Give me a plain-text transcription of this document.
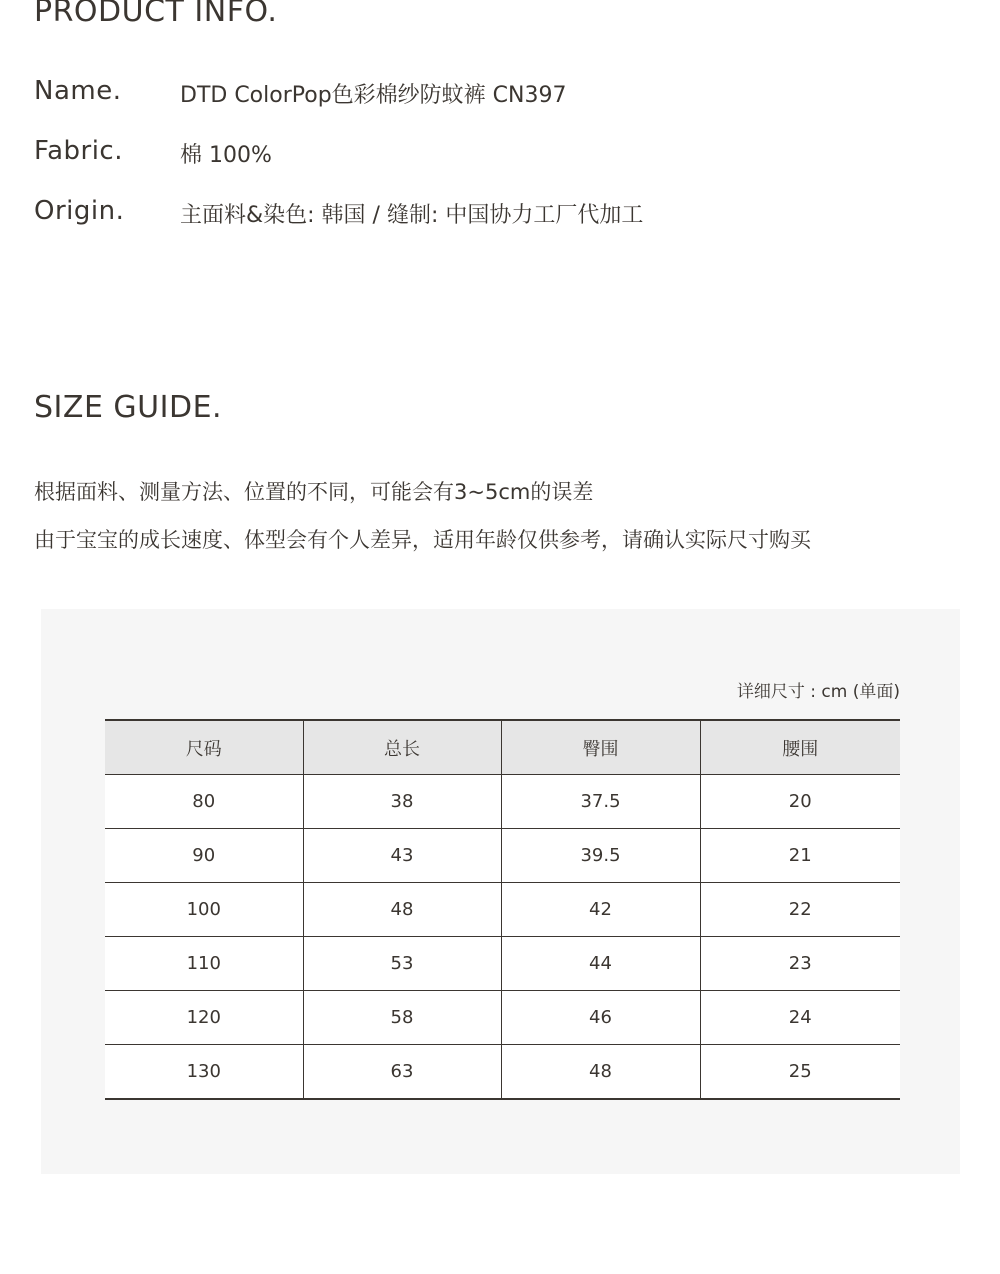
PRODUCT INFO.
Name.	DTD ColorPop色彩棉纱防蚊裤 CN397
Fabric.	棉 100%
Origin.	主面料&染色: 韩国 / 缝制: 中国协力工厂代加工
SIZE GUIDE.
根据面料、测量方法、位置的不同，可能会有3~5cm的误差
由于宝宝的成长速度、体型会有个人差异，适用年龄仅供参考，请确认实际尺寸购买
详细尺寸 : cm (单面)
尺码	总长	臀围	腰围
80	38	37.5	20
90	43	39.5	21
100	48	42	22
110	53	44	23
120	58	46	24
130	63	48	25
